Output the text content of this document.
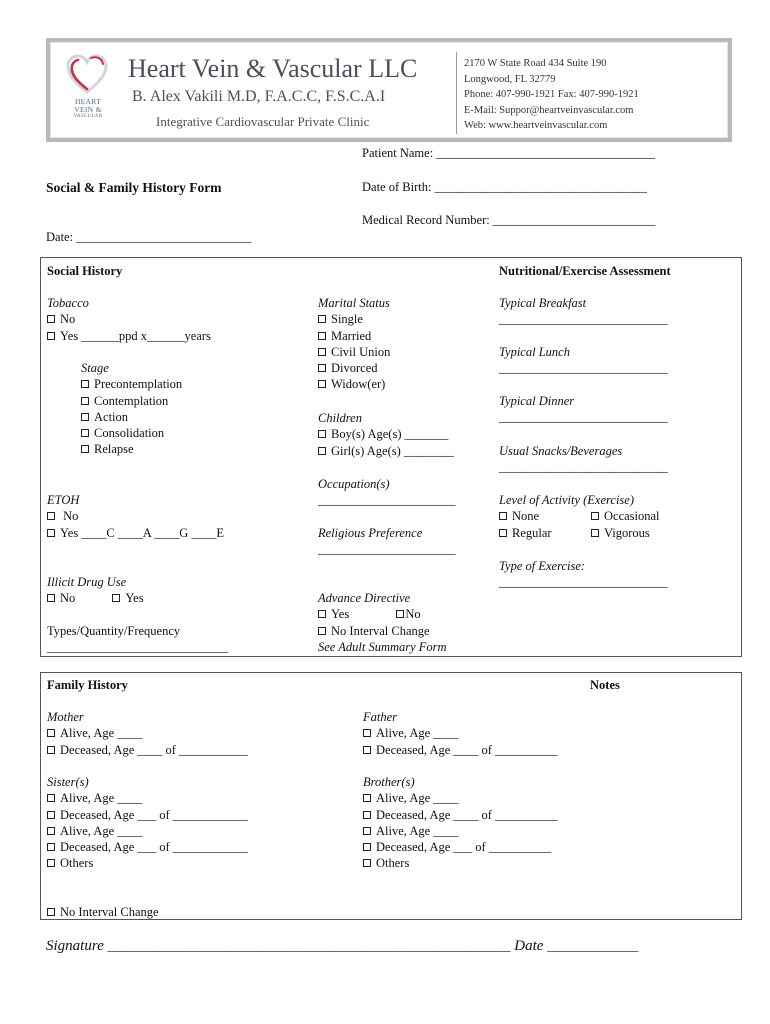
HEART
VEIN &
VASCULAR
Heart Vein & Vascular LLC
B. Alex Vakili M.D, F.A.C.C, F.S.C.A.I
Integrative Cardiovascular Private Clinic
2170 W State Road 434 Suite 190
Longwood, FL 32779
Phone: 407-990-1921 Fax: 407-990-1921
E-Mail: Suppor@heartveinvascular.com
Web: www.heartveinvascular.com
Patient Name: ___________________________________
Social & Family History Form	Date of Birth: __________________________________
Medical Record Number: __________________________
Date: ____________________________
Social History	Nutritional/Exercise Assessment
Tobacco
No
Yes ______ppd x______years
Stage
Precontemplation
Contemplation
Action
Consolidation
Relapse
ETOH
No
Yes ____C ____A ____G ____E
Illicit Drug Use
No	Yes
Types/Quantity/Frequency
_____________________________
Marital Status
Single
Married
Civil Union
Divorced
Widow(er)
Children
Boy(s) Age(s) _______
Girl(s) Age(s) ________
Occupation(s)
______________________
Religious Preference
______________________
Advance Directive
Yes	No
No Interval Change
See Adult Summary Form
Typical Breakfast
___________________________
Typical Lunch
___________________________
Typical Dinner
___________________________
Usual Snacks/Beverages
___________________________
Level of Activity (Exercise)
None	Occasional
Regular	Vigorous
Type of Exercise:
___________________________
Family History	Notes
Mother
Alive, Age ____
Deceased, Age ____ of ___________
Father
Alive, Age ____
Deceased, Age ____ of __________
Sister(s)
Alive, Age ____
Deceased, Age ___ of ____________
Alive, Age ____
Deceased, Age ___ of ____________
Others
Brother(s)
Alive, Age ____
Deceased, Age ____ of __________
Alive, Age ____
Deceased, Age ___ of __________
Others
No Interval Change
Signature ______________________________________________________________ Date ______________
